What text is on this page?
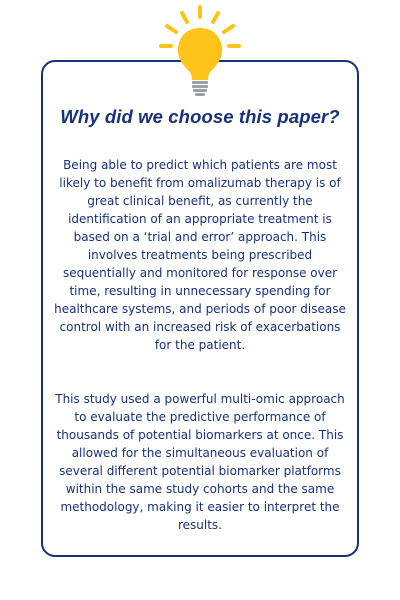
Why did we choose this paper?

Being able to predict which patients are most likely to benefit from omalizumab therapy is of great clinical benefit, as currently the identification of an appropriate treatment is based on a ‘trial and error’ approach. This involves treatments being prescribed sequentially and monitored for response over time, resulting in unnecessary spending for healthcare systems, and periods of poor disease control with an increased risk of exacerbations for the patient.

This study used a powerful multi-omic approach to evaluate the predictive performance of thousands of potential biomarkers at once. This allowed for the simultaneous evaluation of several different potential biomarker platforms within the same study cohorts and the same methodology, making it easier to interpret the results.
